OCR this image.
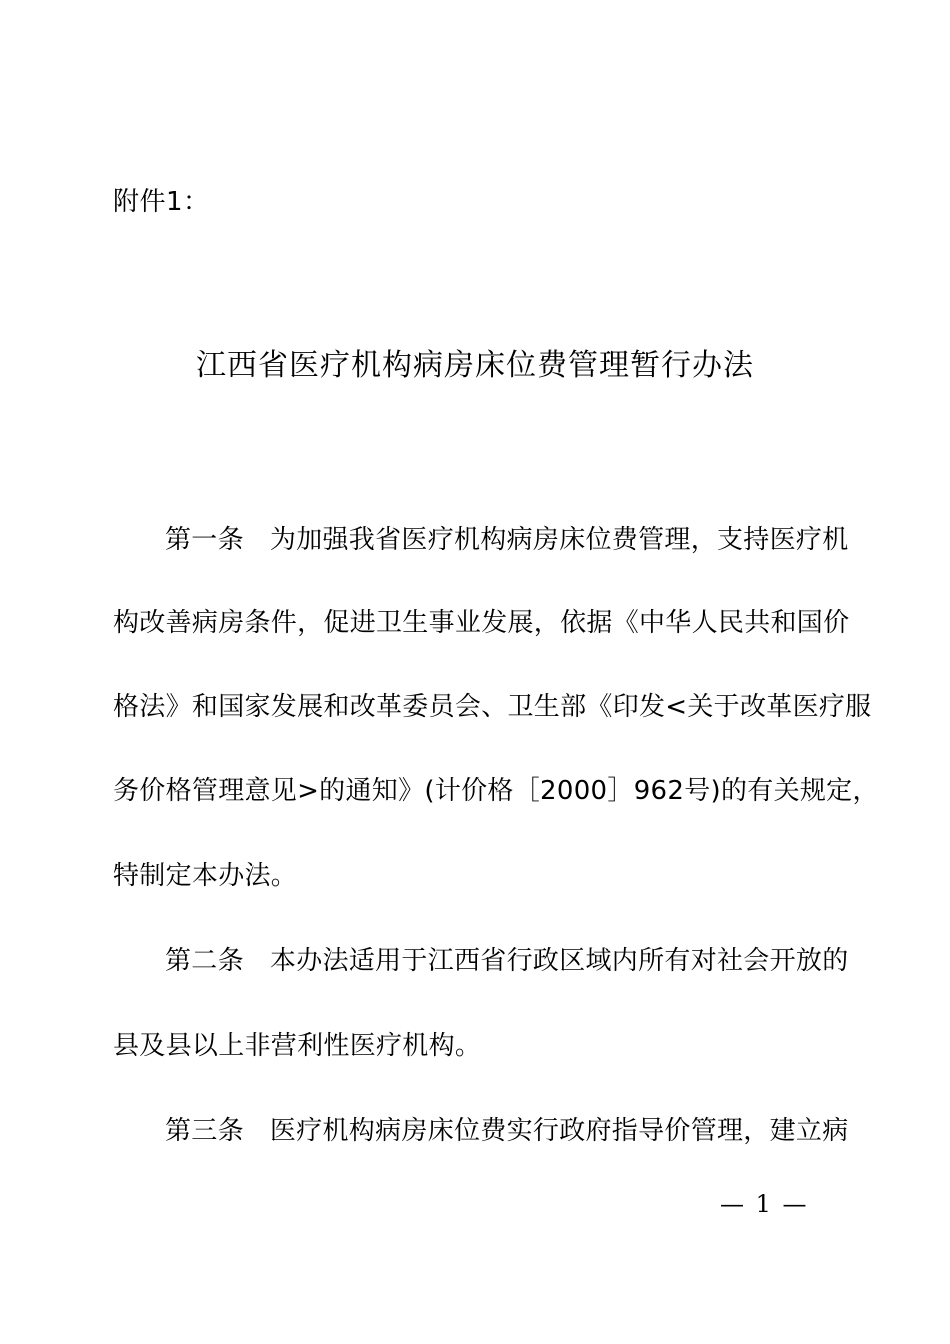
附件1：
江西省医疗机构病房床位费管理暂行办法
第一条 为加强我省医疗机构病房床位费管理，支持医疗机
构改善病房条件，促进卫生事业发展，依据《中华人民共和国价
格法》和国家发展和改革委员会、卫生部《印发<关于改革医疗服
务价格管理意见>的通知》(计价格［2000］962号)的有关规定，
特制定本办法。
第二条 本办法适用于江西省行政区域内所有对社会开放的
县及县以上非营利性医疗机构。
第三条 医疗机构病房床位费实行政府指导价管理，建立病
— 1 —
